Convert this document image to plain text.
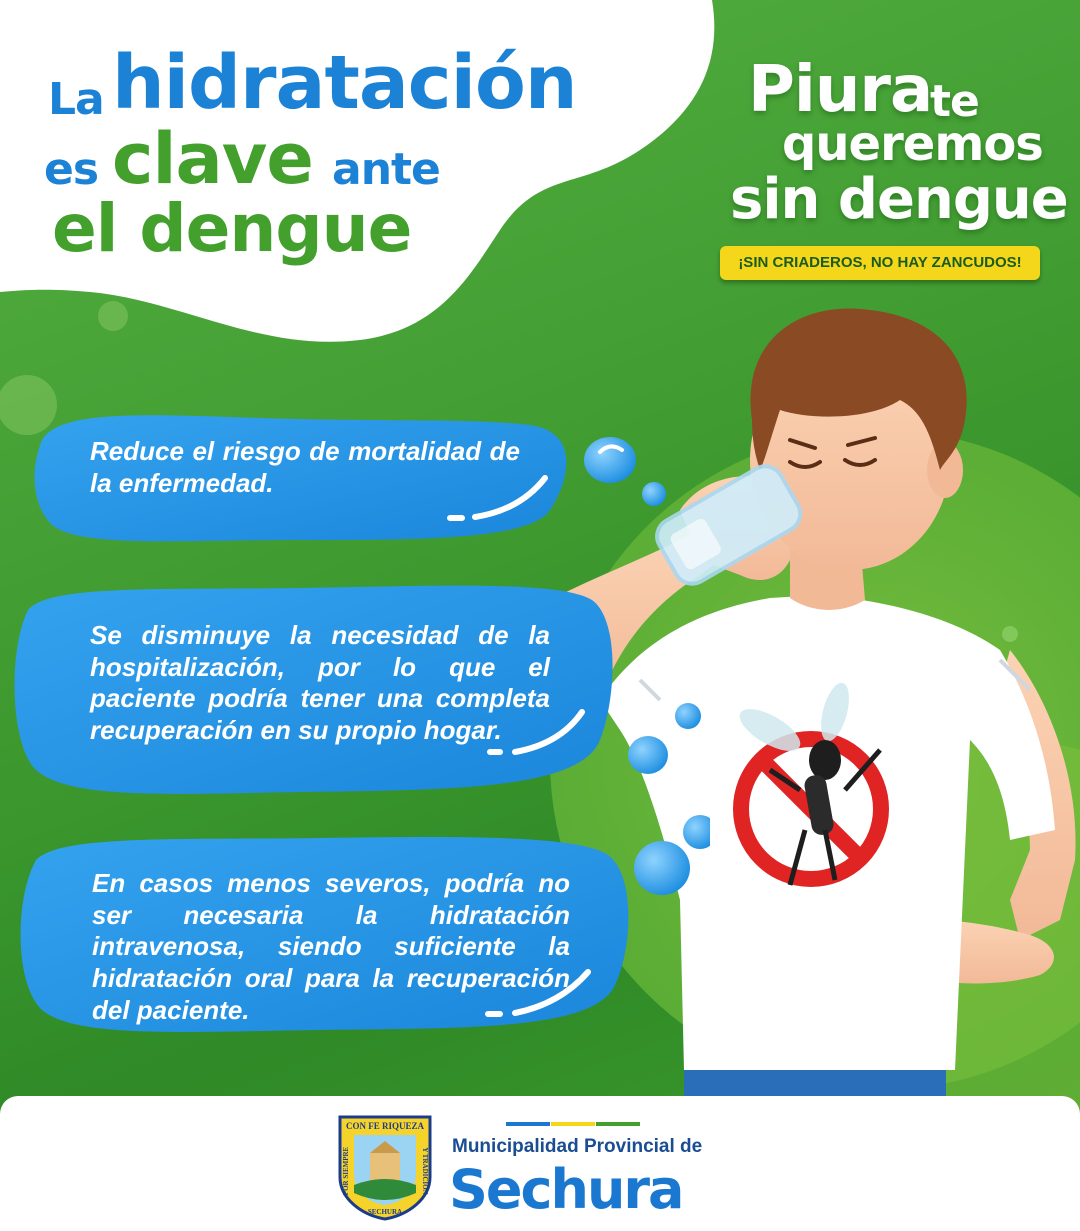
La hidratación
es clave ante
el dengue
Piura
te
queremos
sin dengue
¡SIN CRIADEROS, NO HAY ZANCUDOS!
Reduce el riesgo de mortalidad de la enfermedad.
Se disminuye la necesidad de la hospitalización, por lo que el paciente podría tener una completa recuperación en su propio hogar.
En casos menos severos, podría no ser necesaria la hidratación intravenosa, siendo suficiente la hidratación oral para la recuperación del paciente.
CON FE RIQUEZA
POR SIEMPRE	Y TRADICION
SECHURA
Municipalidad Provincial de
Sechura
